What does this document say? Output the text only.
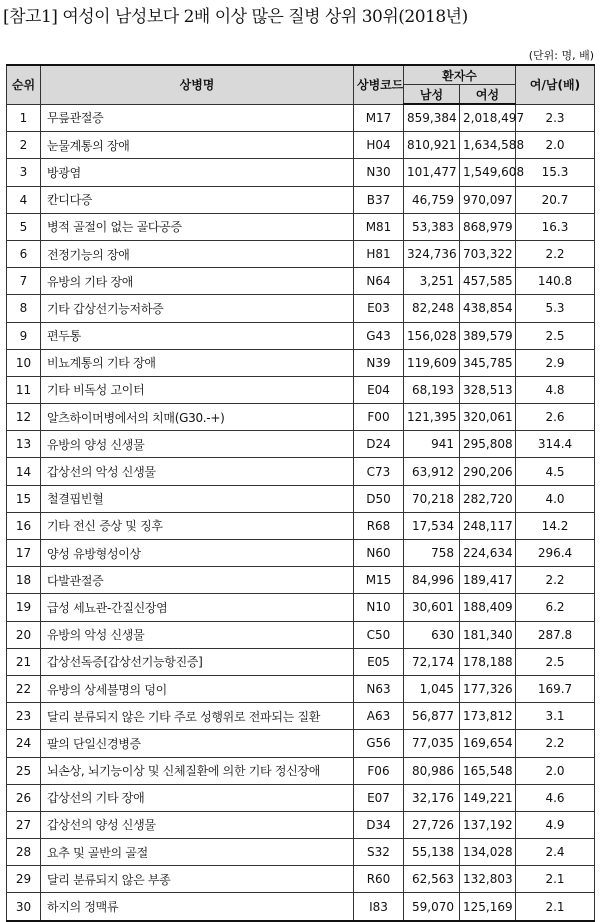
[참고1] 여성이 남성보다 2배 이상 많은 질병 상위 30위(2018년)
(단위: 명, 배)
순위	상병명	상병코드	환자수		여/남(배)
			남성	여성	
1	무릎관절증	M17	859,384	2,018,497	2.3
2	눈물계통의 장애	H04	810,921	1,634,588	2.0
3	방광염	N30	101,477	1,549,608	15.3
4	칸디다증	B37	46,759	970,097	20.7
5	병적 골절이 없는 골다공증	M81	53,383	868,979	16.3
6	전정기능의 장애	H81	324,736	703,322	2.2
7	유방의 기타 장애	N64	3,251	457,585	140.8
8	기타 갑상선기능저하증	E03	82,248	438,854	5.3
9	편두통	G43	156,028	389,579	2.5
10	비뇨계통의 기타 장애	N39	119,609	345,785	2.9
11	기타 비독성 고이터	E04	68,193	328,513	4.8
12	알츠하이머병에서의 치매(G30.-+)	F00	121,395	320,061	2.6
13	유방의 양성 신생물	D24	941	295,808	314.4
14	갑상선의 악성 신생물	C73	63,912	290,206	4.5
15	철결핍빈혈	D50	70,218	282,720	4.0
16	기타 전신 증상 및 징후	R68	17,534	248,117	14.2
17	양성 유방형성이상	N60	758	224,634	296.4
18	다발관절증	M15	84,996	189,417	2.2
19	급성 세뇨관-간질신장염	N10	30,601	188,409	6.2
20	유방의 악성 신생물	C50	630	181,340	287.8
21	갑상선독증[갑상선기능항진증]	E05	72,174	178,188	2.5
22	유방의 상세불명의 덩이	N63	1,045	177,326	169.7
23	달리 분류되지 않은 기타 주로 성행위로 전파되는 질환	A63	56,877	173,812	3.1
24	팔의 단일신경병증	G56	77,035	169,654	2.2
25	뇌손상, 뇌기능이상 및 신체질환에 의한 기타 정신장애	F06	80,986	165,548	2.0
26	갑상선의 기타 장애	E07	32,176	149,221	4.6
27	갑상선의 양성 신생물	D34	27,726	137,192	4.9
28	요추 및 골반의 골절	S32	55,138	134,028	2.4
29	달리 분류되지 않은 부종	R60	62,563	132,803	2.1
30	하지의 정맥류	I83	59,070	125,169	2.1
